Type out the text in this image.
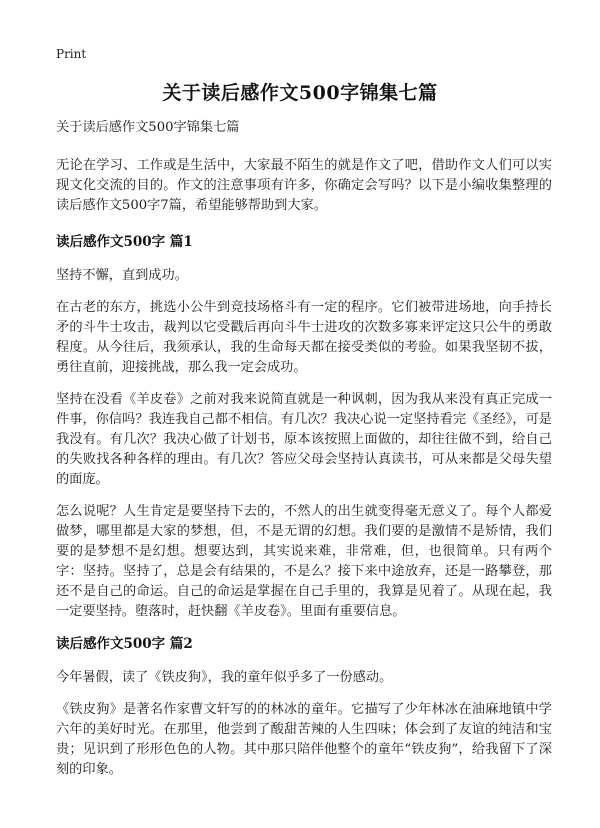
Print
关于读后感作文500字锦集七篇

关于读后感作文500字锦集七篇

无论在学习、工作或是生活中，大家最不陌生的就是作文了吧，借助作文人们可以实现文化交流的目的。作文的注意事项有许多，你确定会写吗？以下是小编收集整理的读后感作文500字7篇，希望能够帮助到大家。

读后感作文500字 篇1

坚持不懈，直到成功。

在古老的东方，挑选小公牛到竞技场格斗有一定的程序。它们被带进场地，向手持长矛的斗牛士攻击，裁判以它受戳后再向斗牛士进攻的次数多寡来评定这只公牛的勇敢程度。从今往后，我须承认，我的生命每天都在接受类似的考验。如果我坚韧不拔，勇往直前，迎接挑战，那么我一定会成功。

坚持在没看《羊皮卷》之前对我来说简直就是一种讽刺，因为我从来没有真正完成一件事，你信吗？我连我自己都不相信。有几次？我决心说一定坚持看完《圣经》，可是我没有。有几次？我决心做了计划书，原本该按照上面做的，却往往做不到，给自己的失败找各种各样的理由。有几次？答应父母会坚持认真读书，可从来都是父母失望的面庞。

怎么说呢？人生肯定是要坚持下去的，不然人的出生就变得毫无意义了。每个人都爱做梦，哪里都是大家的梦想，但，不是无谓的幻想。我们要的是激情不是矫情，我们要的是梦想不是幻想。想要达到，其实说来难，非常难，但，也很简单。只有两个字：坚持。坚持了，总是会有结果的，不是么？接下来中途放弃，还是一路攀登，那还不是自己的命运。自己的命运是掌握在自己手里的，我算是见着了。从现在起，我一定要坚持。堕落时，赶快翻《羊皮卷》。里面有重要信息。

读后感作文500字 篇2

今年暑假，读了《铁皮狗》，我的童年似乎多了一份感动。

《铁皮狗》是著名作家曹文轩写的的林冰的童年。它描写了少年林冰在油麻地镇中学六年的美好时光。在那里，他尝到了酸甜苦辣的人生四味；体会到了友谊的纯洁和宝贵；见识到了形形色色的人物。其中那只陪伴他整个的童年“铁皮狗”，给我留下了深刻的印象。
